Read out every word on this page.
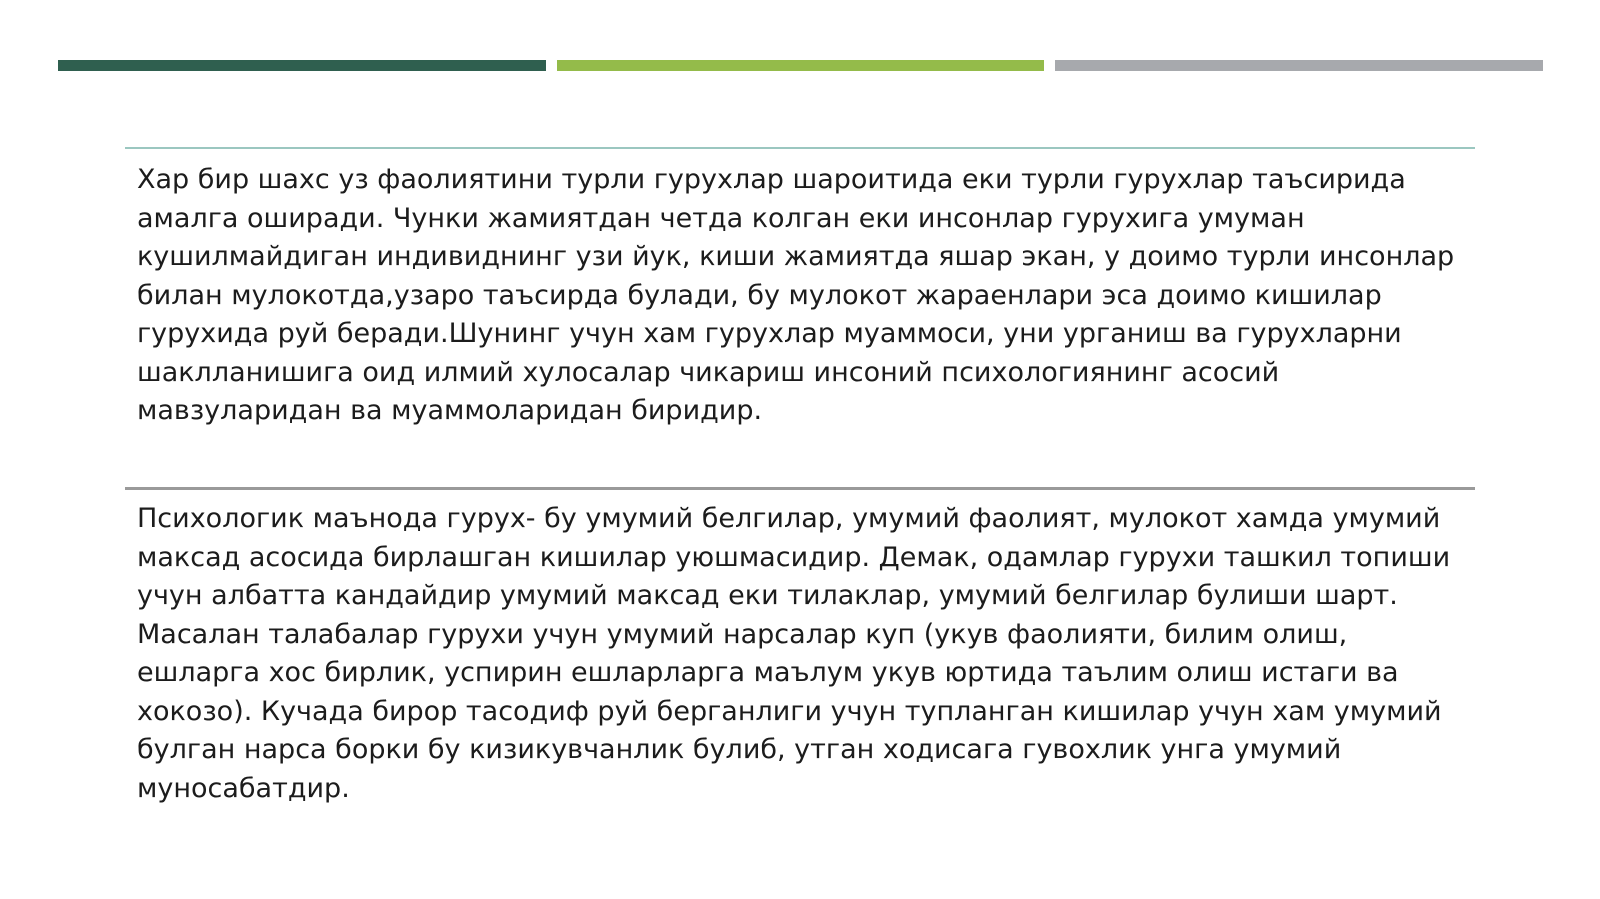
Хар бир шахс уз фаолиятини турли гурухлар шароитида еки турли гурухлар таъсирида амалга оширади. Чунки жамиятдан четда колган еки инсонлар гурухига умуман кушилмайдиган индивиднинг узи йук, киши жамиятда яшар экан, у доимо турли инсонлар билан мулокотда,узаро таъсирда булади, бу мулокот жараенлари эса доимо кишилар гурухида руй беради.Шунинг учун хам гурухлар муаммоси, уни урганиш ва гурухларни шаклланишига оид илмий хулосалар чикариш инсоний психологиянинг асосий мавзуларидан ва муаммоларидан биридир.

Психологик маънода гурух- бу умумий белгилар, умумий фаолият, мулокот хамда умумий максад асосида бирлашган кишилар уюшмасидир. Демак, одамлар гурухи ташкил топиши учун албатта кандайдир умумий максад еки тилаклар, умумий белгилар булиши шарт. Масалан талабалар гурухи учун умумий нарсалар куп (укув фаолияти, билим олиш, ешларга хос бирлик, успирин ешларларга маълум укув юртида таълим олиш истаги ва хокозо). Кучада бирор тасодиф руй берганлиги учун тупланган кишилар учун хам умумий булган нарса борки бу кизикувчанлик булиб, утган ходисага гувохлик унга умумий муносабатдир.
